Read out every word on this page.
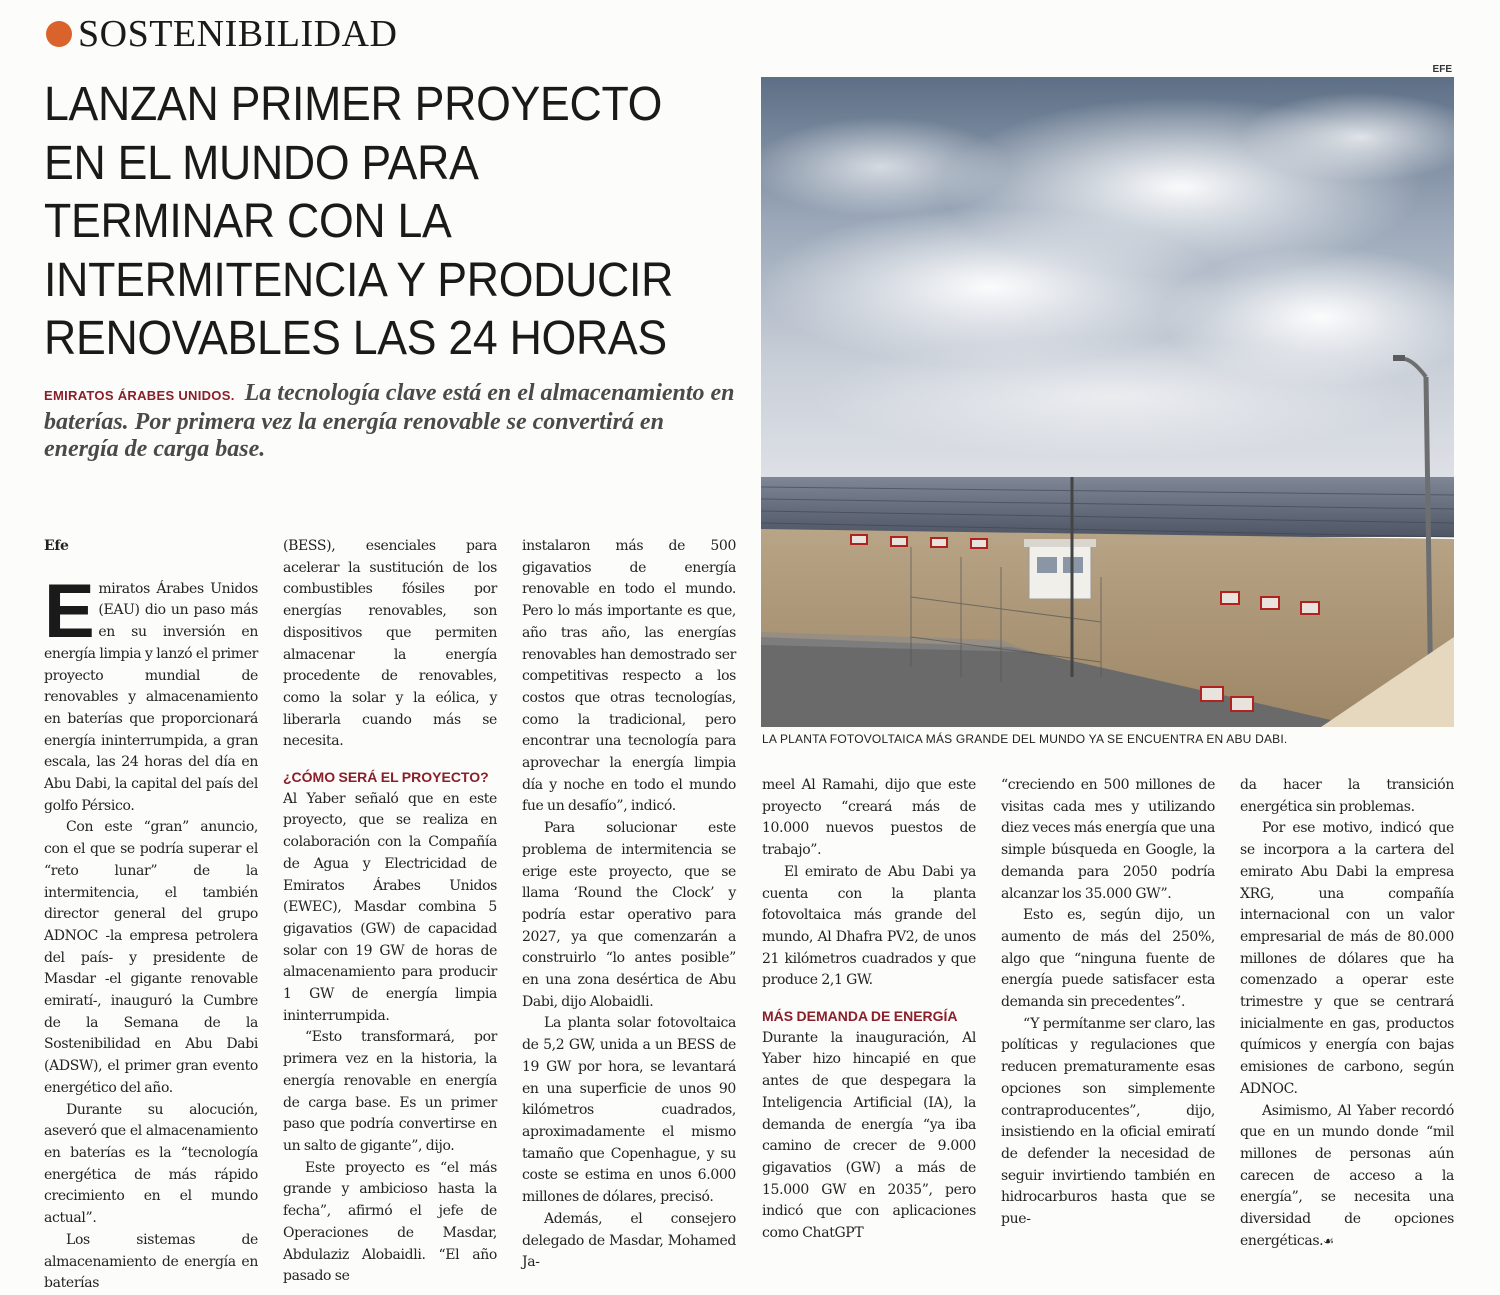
SOSTENIBILIDAD
LANZAN PRIMER PROYECTO
EN EL MUNDO PARA
TERMINAR CON LA
INTERMITENCIA Y PRODUCIR
RENOVABLES LAS 24 HORAS
EMIRATOS ÁRABES UNIDOS. La tecnología clave está en el almacenamiento en baterías. Por primera vez la energía renovable se convertirá en energía de carga base.
EFE
LA PLANTA FOTOVOLTAICA MÁS GRANDE DEL MUNDO YA SE ENCUENTRA EN ABU DABI.

Efe

Emiratos Árabes Unidos (EAU) dio un paso más en su inversión en energía limpia y lanzó el primer proyecto mundial de renovables y almacenamiento en baterías que proporcionará energía ininterrumpida, a gran escala, las 24 horas del día en Abu Dabi, la capital del país del golfo Pérsico.

Con este “gran” anuncio, con el que se podría superar el “reto lunar” de la intermitencia, el también director general del grupo ADNOC -la empresa petrolera del país- y presidente de Masdar -el gigante renovable emiratí-, inauguró la Cumbre de la Semana de la Sostenibilidad en Abu Dabi (ADSW), el primer gran evento energético del año.

Durante su alocución, aseveró que el almacenamiento en baterías es la “tecnología energética de más rápido crecimiento en el mundo actual”.

Los sistemas de almacenamiento de energía en baterías

(BESS), esenciales para acelerar la sustitución de los combustibles fósiles por energías renovables, son dispositivos que permiten almacenar la energía procedente de renovables, como la solar y la eólica, y liberarla cuando más se necesita.

¿CÓMO SERÁ EL PROYECTO?

Al Yaber señaló que en este proyecto, que se realiza en colaboración con la Compañía de Agua y Electricidad de Emiratos Árabes Unidos (EWEC), Masdar combina 5 gigavatios (GW) de capacidad solar con 19 GW de horas de almacenamiento para producir 1 GW de energía limpia ininterrumpida.

“Esto transformará, por primera vez en la historia, la energía renovable en energía de carga base. Es un primer paso que podría convertirse en un salto de gigante”, dijo.

Este proyecto es “el más grande y ambicioso hasta la fecha”, afirmó el jefe de Operaciones de Masdar, Abdulaziz Alobaidli. “El año pasado se

instalaron más de 500 gigavatios de energía renovable en todo el mundo. Pero lo más importante es que, año tras año, las energías renovables han demostrado ser competitivas respecto a los costos que otras tecnologías, como la tradicional, pero encontrar una tecnología para aprovechar la energía limpia día y noche en todo el mundo fue un desafío”, indicó.

Para solucionar este problema de intermitencia se erige este proyecto, que se llama ‘Round the Clock’ y podría estar operativo para 2027, ya que comenzarán a construirlo “lo antes posible” en una zona desértica de Abu Dabi, dijo Alobaidli.

La planta solar fotovoltaica de 5,2 GW, unida a un BESS de 19 GW por hora, se levantará en una superficie de unos 90 kilómetros cuadrados, aproximadamente el mismo tamaño que Copenhague, y su coste se estima en unos 6.000 millones de dólares, precisó.

Además, el consejero delegado de Masdar, Mohamed Ja-

meel Al Ramahi, dijo que este proyecto “creará más de 10.000 nuevos puestos de trabajo”.

El emirato de Abu Dabi ya cuenta con la planta fotovoltaica más grande del mundo, Al Dhafra PV2, de unos 21 kilómetros cuadrados y que produce 2,1 GW.

MÁS DEMANDA DE ENERGÍA

Durante la inauguración, Al Yaber hizo hincapié en que antes de que despegara la Inteligencia Artificial (IA), la demanda de energía “ya iba camino de crecer de 9.000 gigavatios (GW) a más de 15.000 GW en 2035”, pero indicó que con aplicaciones como ChatGPT

“creciendo en 500 millones de visitas cada mes y utilizando diez veces más energía que una simple búsqueda en Google, la demanda para 2050 podría alcanzar los 35.000 GW”.

Esto es, según dijo, un aumento de más del 250%, algo que “ninguna fuente de energía puede satisfacer esta demanda sin precedentes”.

“Y permítanme ser claro, las políticas y regulaciones que reducen prematuramente esas opciones son simplemente contraproducentes”, dijo, insistiendo en la oficial emiratí de defender la necesidad de seguir invirtiendo también en hidrocarburos hasta que se pue-

da hacer la transición energética sin problemas.

Por ese motivo, indicó que se incorpora a la cartera del emirato Abu Dabi la empresa XRG, una compañía internacional con un valor empresarial de más de 80.000 millones de dólares que ha comenzado a operar este trimestre y que se centrará inicialmente en gas, productos químicos y energía con bajas emisiones de carbono, según ADNOC.

Asimismo, Al Yaber recordó que en un mundo donde “mil millones de personas aún carecen de acceso a la energía”, se necesita una diversidad de opciones energéticas.☙
